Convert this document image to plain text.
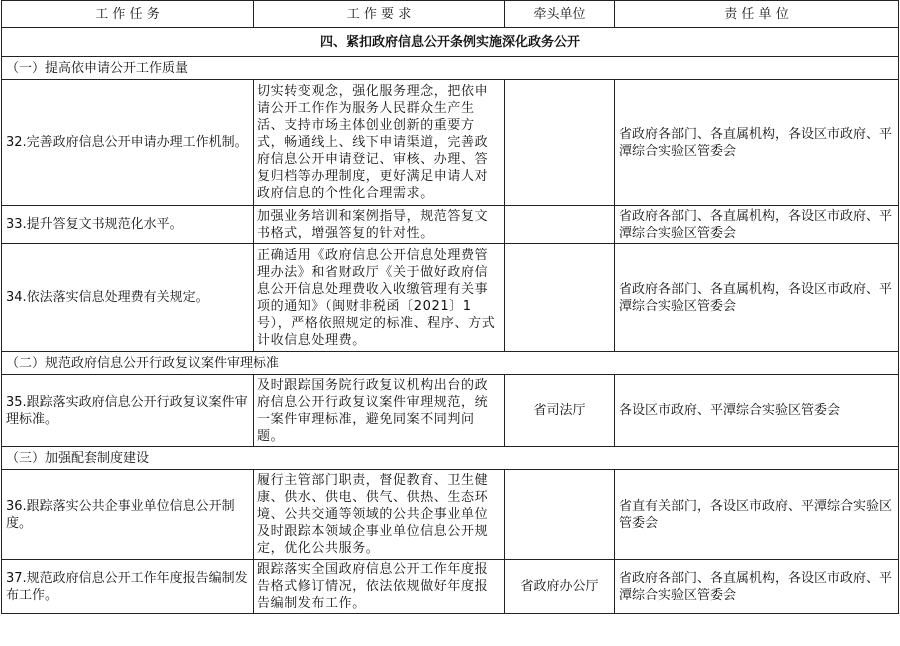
工 作 任 务	工 作 要 求	牵头单位	责 任 单 位
四、紧扣政府信息公开条例实施深化政务公开			
（一）提高依申请公开工作质量			
32.完善政府信息公开申请办理工作机制。	切实转变观念，强化服务理念，把依申请公开工作作为服务人民群众生产生活、支持市场主体创业创新的重要方式，畅通线上、线下申请渠道，完善政府信息公开申请登记、审核、办理、答复归档等办理制度，更好满足申请人对政府信息的个性化合理需求。		省政府各部门、各直属机构，各设区市政府、平潭综合实验区管委会
33.提升答复文书规范化水平。	加强业务培训和案例指导，规范答复文书格式，增强答复的针对性。		省政府各部门、各直属机构，各设区市政府、平潭综合实验区管委会
34.依法落实信息处理费有关规定。	正确适用《政府信息公开信息处理费管理办法》和省财政厅《关于做好政府信息公开信息处理费收入收缴管理有关事项的通知》（闽财非税函〔2021〕1号），严格依照规定的标准、程序、方式计收信息处理费。		省政府各部门、各直属机构，各设区市政府、平潭综合实验区管委会
（二）规范政府信息公开行政复议案件审理标准			
35.跟踪落实政府信息公开行政复议案件审理标准。	及时跟踪国务院行政复议机构出台的政府信息公开行政复议案件审理规范，统一案件审理标准，避免同案不同判问题。	省司法厅	各设区市政府、平潭综合实验区管委会
（三）加强配套制度建设			
36.跟踪落实公共企事业单位信息公开制度。	履行主管部门职责，督促教育、卫生健康、供水、供电、供气、供热、生态环境、公共交通等领域的公共企事业单位及时跟踪本领域企事业单位信息公开规定，优化公共服务。		省直有关部门，各设区市政府、平潭综合实验区管委会
37.规范政府信息公开工作年度报告编制发布工作。	跟踪落实全国政府信息公开工作年度报告格式修订情况，依法依规做好年度报告编制发布工作。	省政府办公厅	省政府各部门、各直属机构，各设区市政府、平潭综合实验区管委会
